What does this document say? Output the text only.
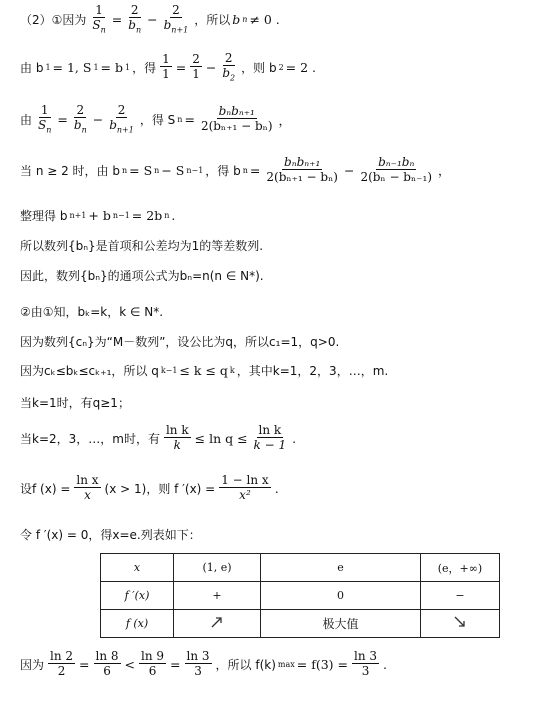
（2）①因为 $\frac{1}{S_n} = \frac{2}{b_n} - \frac{2}{b_{n+1}}$ ，所以 b n ≠ 0 .
由 b 1 = 1, S 1 = b 1 ，得 $\frac{1}{1} = \frac{2}{1} - \frac{2}{b_2}$ ，则 b 2 = 2 .
由 $\frac{1}{S_n} = \frac{2}{b_n} - \frac{2}{b_{n+1}}$ ，得 S $n = \frac{\text{bₙbₙ₊₁}}{\text{2(bₙ₊₁ − bₙ)}}$ ，
当 n ≥ 2 时，由 b n = S n − S n−1 ，得 b $n = \frac{\text{bₙbₙ₊₁}}{\text{2(bₙ₊₁ − bₙ)}} - \frac{\text{bₙ₋₁bₙ}}{\text{2(bₙ − bₙ₋₁)}}$ ，
整理得 b n+1 + b n−1 = 2b n .
所以数列{bₙ}是首项和公差均为1的等差数列.
因此，数列{bₙ}的通项公式为bₙ=n(n ∈ N*).
②由①知，bₖ=k，k ∈ N*.
因为数列{cₙ}为“M－数列”，设公比为q，所以c₁=1，q>0.
因为cₖ≤bₖ≤cₖ₊₁，所以 q k−1 ≤ k ≤ q k ，其中k=1，2，3，…，m.
当k=1时，有q≥1；
当k=2，3，…，m时，有 $\frac{\text{ln k}}{k} \le \ln q \le \frac{\text{ln k}}{k - 1}$ .
设f $(x) = \frac{\text{ln x}}{x} (x > 1)$，则 f $'(x) = \frac{\text{1 − ln x}}{\text{x²}}$ .
令 f ′(x) = 0，得x=e.列表如下：
x	(1, e)	e	(e，+∞)
f ′(x)	+	0	−
f (x)		极大值	
因为 $\frac{\ln 2}{2} = \frac{\ln 8}{6} < \frac{\ln 9}{6} = \frac{\ln 3}{3}$ ，所以 f(k) $\max = f(3) = \frac{\ln 3}{3}$ .
